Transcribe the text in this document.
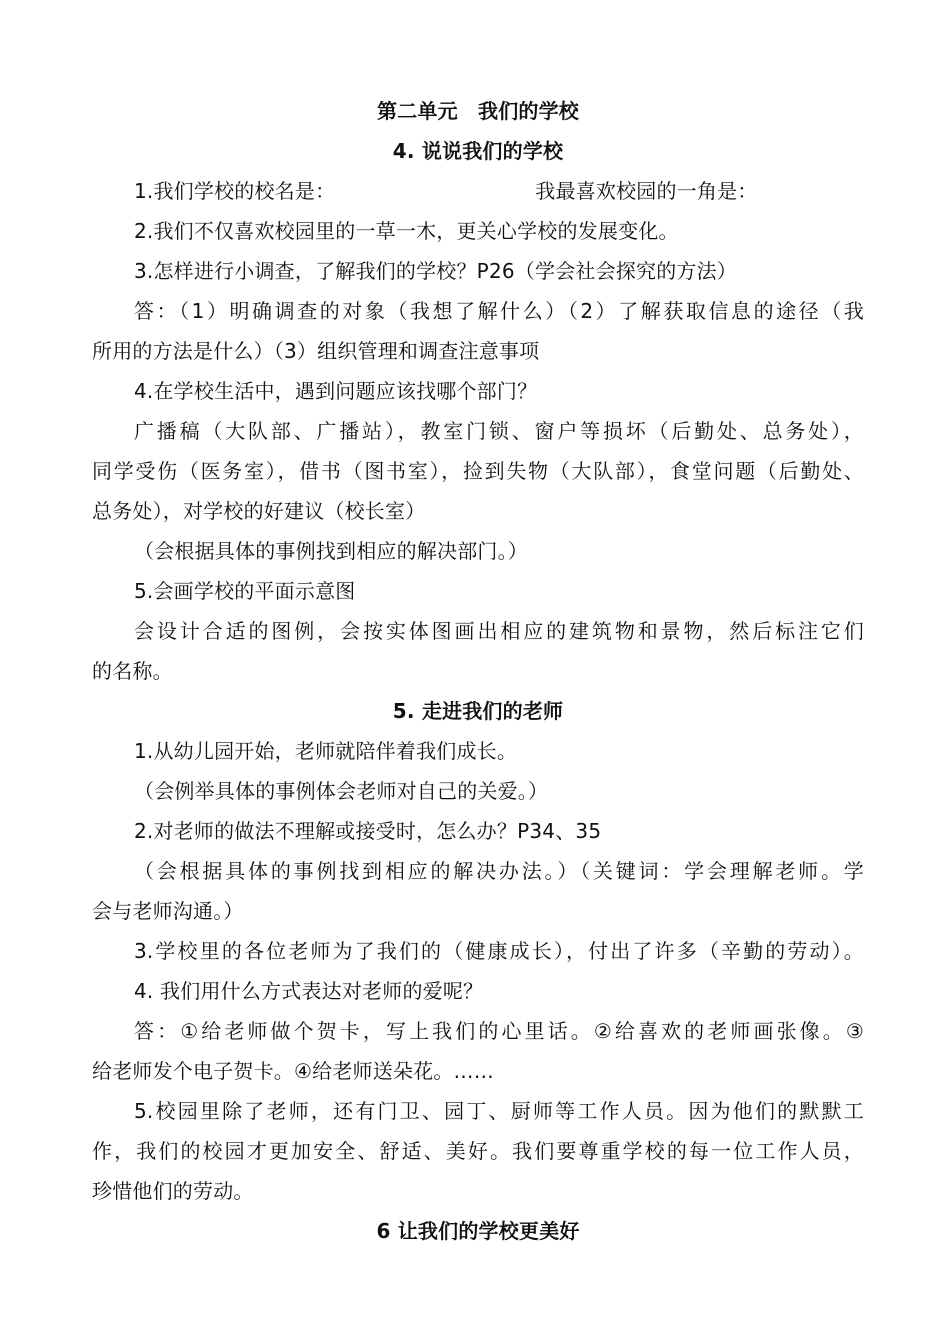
第二单元　我们的学校
4. 说说我们的学校
1.我们学校的校名是：	我最喜欢校园的一角是：
2.我们不仅喜欢校园里的一草一木，更关心学校的发展变化。
3.怎样进行小调查，了解我们的学校？P26（学会社会探究的方法）
答：（1）明确调查的对象（我想了解什么）（2）了解获取信息的途径（我
所用的方法是什么）（3）组织管理和调查注意事项
4.在学校生活中，遇到问题应该找哪个部门？
广播稿（大队部、广播站），教室门锁、窗户等损坏（后勤处、总务处），
同学受伤（医务室），借书（图书室），捡到失物（大队部），食堂问题（后勤处、
总务处），对学校的好建议（校长室）
（会根据具体的事例找到相应的解决部门。）
5.会画学校的平面示意图
会设计合适的图例，会按实体图画出相应的建筑物和景物，然后标注它们
的名称。
5. 走进我们的老师
1.从幼儿园开始，老师就陪伴着我们成长。
（会例举具体的事例体会老师对自己的关爱。）
2.对老师的做法不理解或接受时，怎么办？P34、35
（会根据具体的事例找到相应的解决办法。）（关键词：学会理解老师。学
会与老师沟通。）
3.学校里的各位老师为了我们的（健康成长），付出了许多（辛勤的劳动）。
4. 我们用什么方式表达对老师的爱呢？
答：①给老师做个贺卡，写上我们的心里话。②给喜欢的老师画张像。③
给老师发个电子贺卡。④给老师送朵花。……
5.校园里除了老师，还有门卫、园丁、厨师等工作人员。因为他们的默默工
作，我们的校园才更加安全、舒适、美好。我们要尊重学校的每一位工作人员，
珍惜他们的劳动。
6 让我们的学校更美好
